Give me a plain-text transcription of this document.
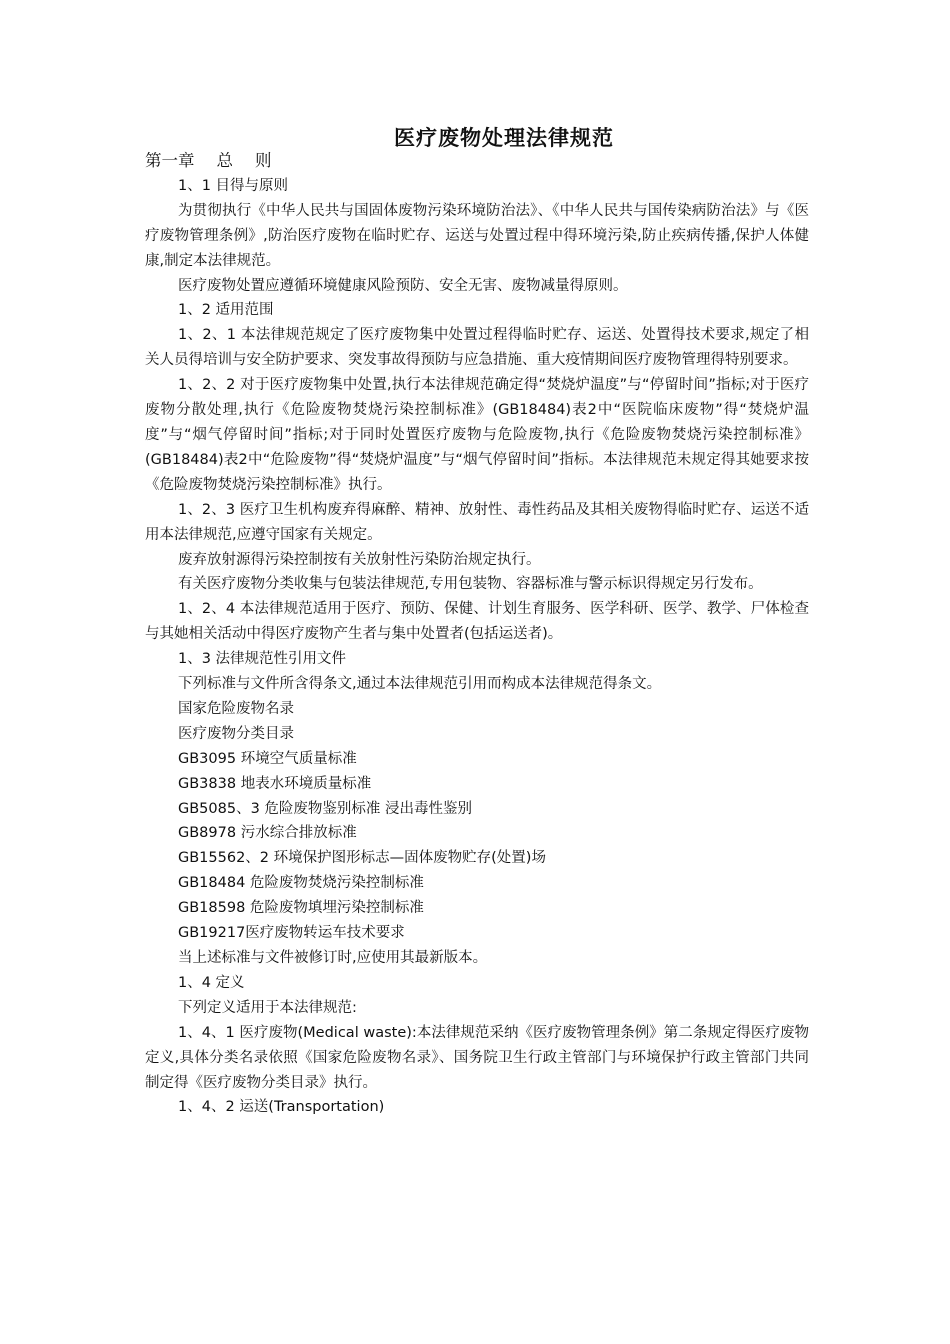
医疗废物处理法律规范

第一章 总 则

1、1 目得与原则

为贯彻执行《中华人民共与国固体废物污染环境防治法》、《中华人民共与国传染病防治法》与《医疗废物管理条例》,防治医疗废物在临时贮存、运送与处置过程中得环境污染,防止疾病传播,保护人体健康,制定本法律规范。

医疗废物处置应遵循环境健康风险预防、安全无害、废物减量得原则。

1、2 适用范围

1、2、1 本法律规范规定了医疗废物集中处置过程得临时贮存、运送、处置得技术要求,规定了相关人员得培训与安全防护要求、突发事故得预防与应急措施、重大疫情期间医疗废物管理得特别要求。

1、2、2 对于医疗废物集中处置,执行本法律规范确定得“焚烧炉温度”与“停留时间”指标;对于医疗废物分散处理,执行《危险废物焚烧污染控制标准》(GB18484)表2中“医院临床废物”得“焚烧炉温度”与“烟气停留时间”指标;对于同时处置医疗废物与危险废物,执行《危险废物焚烧污染控制标准》(GB18484)表2中“危险废物”得“焚烧炉温度”与“烟气停留时间”指标。本法律规范未规定得其她要求按《危险废物焚烧污染控制标准》执行。

1、2、3 医疗卫生机构废弃得麻醉、精神、放射性、毒性药品及其相关废物得临时贮存、运送不适用本法律规范,应遵守国家有关规定。

废弃放射源得污染控制按有关放射性污染防治规定执行。

有关医疗废物分类收集与包装法律规范,专用包装物、容器标准与警示标识得规定另行发布。

1、2、4 本法律规范适用于医疗、预防、保健、计划生育服务、医学科研、医学、教学、尸体检查与其她相关活动中得医疗废物产生者与集中处置者(包括运送者)。

1、3 法律规范性引用文件

下列标准与文件所含得条文,通过本法律规范引用而构成本法律规范得条文。

国家危险废物名录

医疗废物分类目录

GB3095 环境空气质量标准

GB3838 地表水环境质量标准

GB5085、3 危险废物鉴别标准 浸出毒性鉴别

GB8978 污水综合排放标准

GB15562、2 环境保护图形标志—固体废物贮存(处置)场

GB18484 危险废物焚烧污染控制标准

GB18598 危险废物填埋污染控制标准

GB19217医疗废物转运车技术要求

当上述标准与文件被修订时,应使用其最新版本。

1、4 定义

下列定义适用于本法律规范:

1、4、1 医疗废物(Medical waste):本法律规范采纳《医疗废物管理条例》第二条规定得医疗废物定义,具体分类名录依照《国家危险废物名录》、国务院卫生行政主管部门与环境保护行政主管部门共同制定得《医疗废物分类目录》执行。

1、4、2 运送(Transportation)
